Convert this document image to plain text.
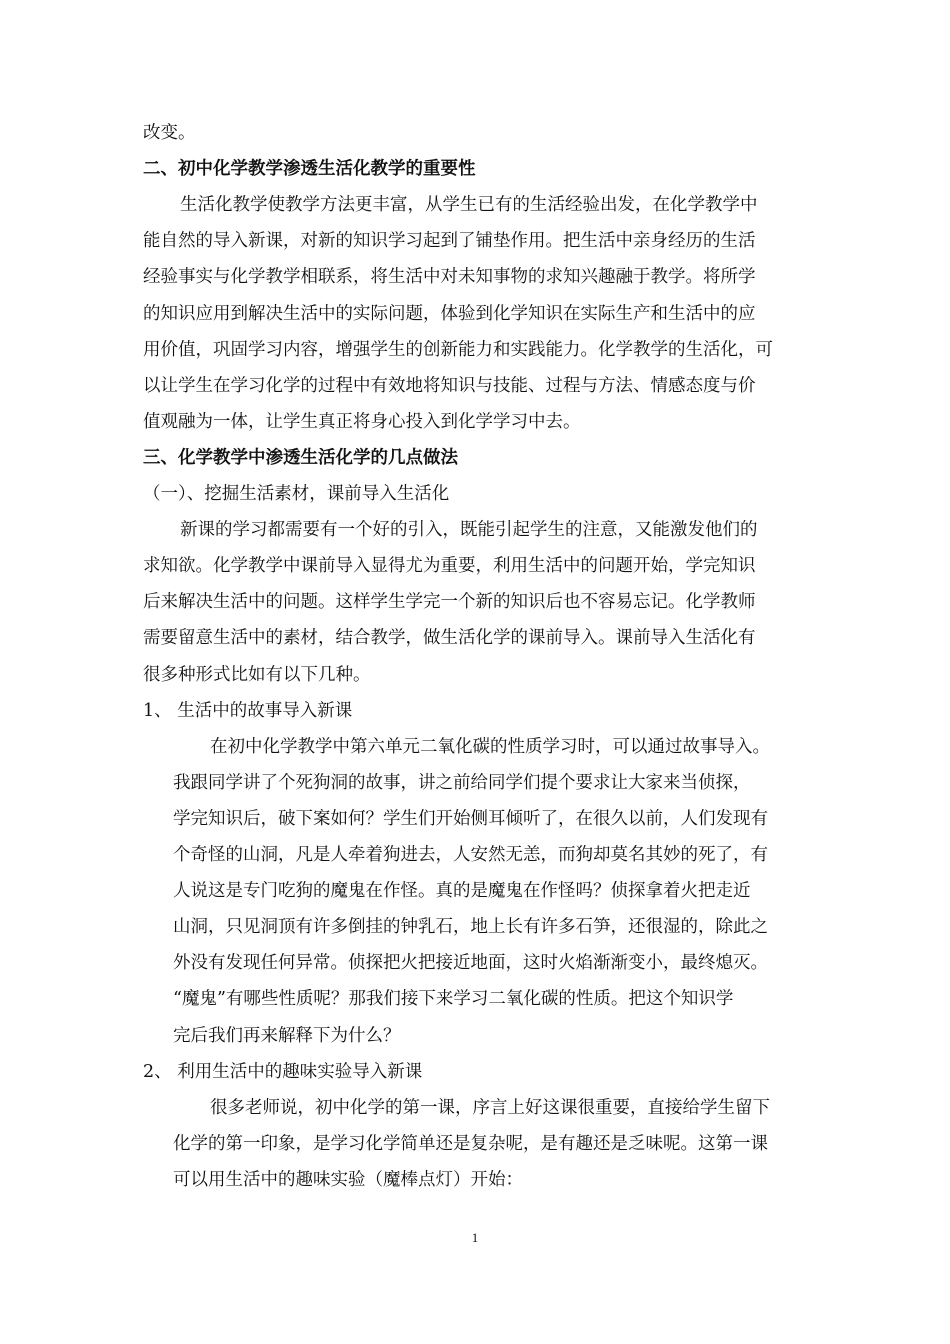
改变。
二、初中化学教学渗透生活化教学的重要性
生活化教学使教学方法更丰富，从学生已有的生活经验出发，在化学教学中
能自然的导入新课，对新的知识学习起到了铺垫作用。把生活中亲身经历的生活
经验事实与化学教学相联系，将生活中对未知事物的求知兴趣融于教学。将所学
的知识应用到解决生活中的实际问题，体验到化学知识在实际生产和生活中的应
用价值，巩固学习内容，增强学生的创新能力和实践能力。化学教学的生活化，可
以让学生在学习化学的过程中有效地将知识与技能、过程与方法、情感态度与价
值观融为一体，让学生真正将身心投入到化学学习中去。
三、化学教学中渗透生活化学的几点做法
（一）、挖掘生活素材，课前导入生活化
新课的学习都需要有一个好的引入，既能引起学生的注意，又能激发他们的
求知欲。化学教学中课前导入显得尤为重要，利用生活中的问题开始，学完知识
后来解决生活中的问题。这样学生学完一个新的知识后也不容易忘记。化学教师
需要留意生活中的素材，结合教学，做生活化学的课前导入。课前导入生活化有
很多种形式比如有以下几种。
1、 生活中的故事导入新课
在初中化学教学中第六单元二氧化碳的性质学习时，可以通过故事导入。
我跟同学讲了个死狗洞的故事，讲之前给同学们提个要求让大家来当侦探，
学完知识后，破下案如何？学生们开始侧耳倾听了，在很久以前，人们发现有
个奇怪的山洞，凡是人牵着狗进去，人安然无恙，而狗却莫名其妙的死了，有
人说这是专门吃狗的魔鬼在作怪。真的是魔鬼在作怪吗？侦探拿着火把走近
山洞，只见洞顶有许多倒挂的钟乳石，地上长有许多石笋，还很湿的，除此之
外没有发现任何异常。侦探把火把接近地面，这时火焰渐渐变小，最终熄灭。
“魔鬼”有哪些性质呢？那我们接下来学习二氧化碳的性质。把这个知识学
完后我们再来解释下为什么？
2、 利用生活中的趣味实验导入新课
很多老师说，初中化学的第一课，序言上好这课很重要，直接给学生留下
化学的第一印象，是学习化学简单还是复杂呢，是有趣还是乏味呢。这第一课
可以用生活中的趣味实验（魔棒点灯）开始：
1
